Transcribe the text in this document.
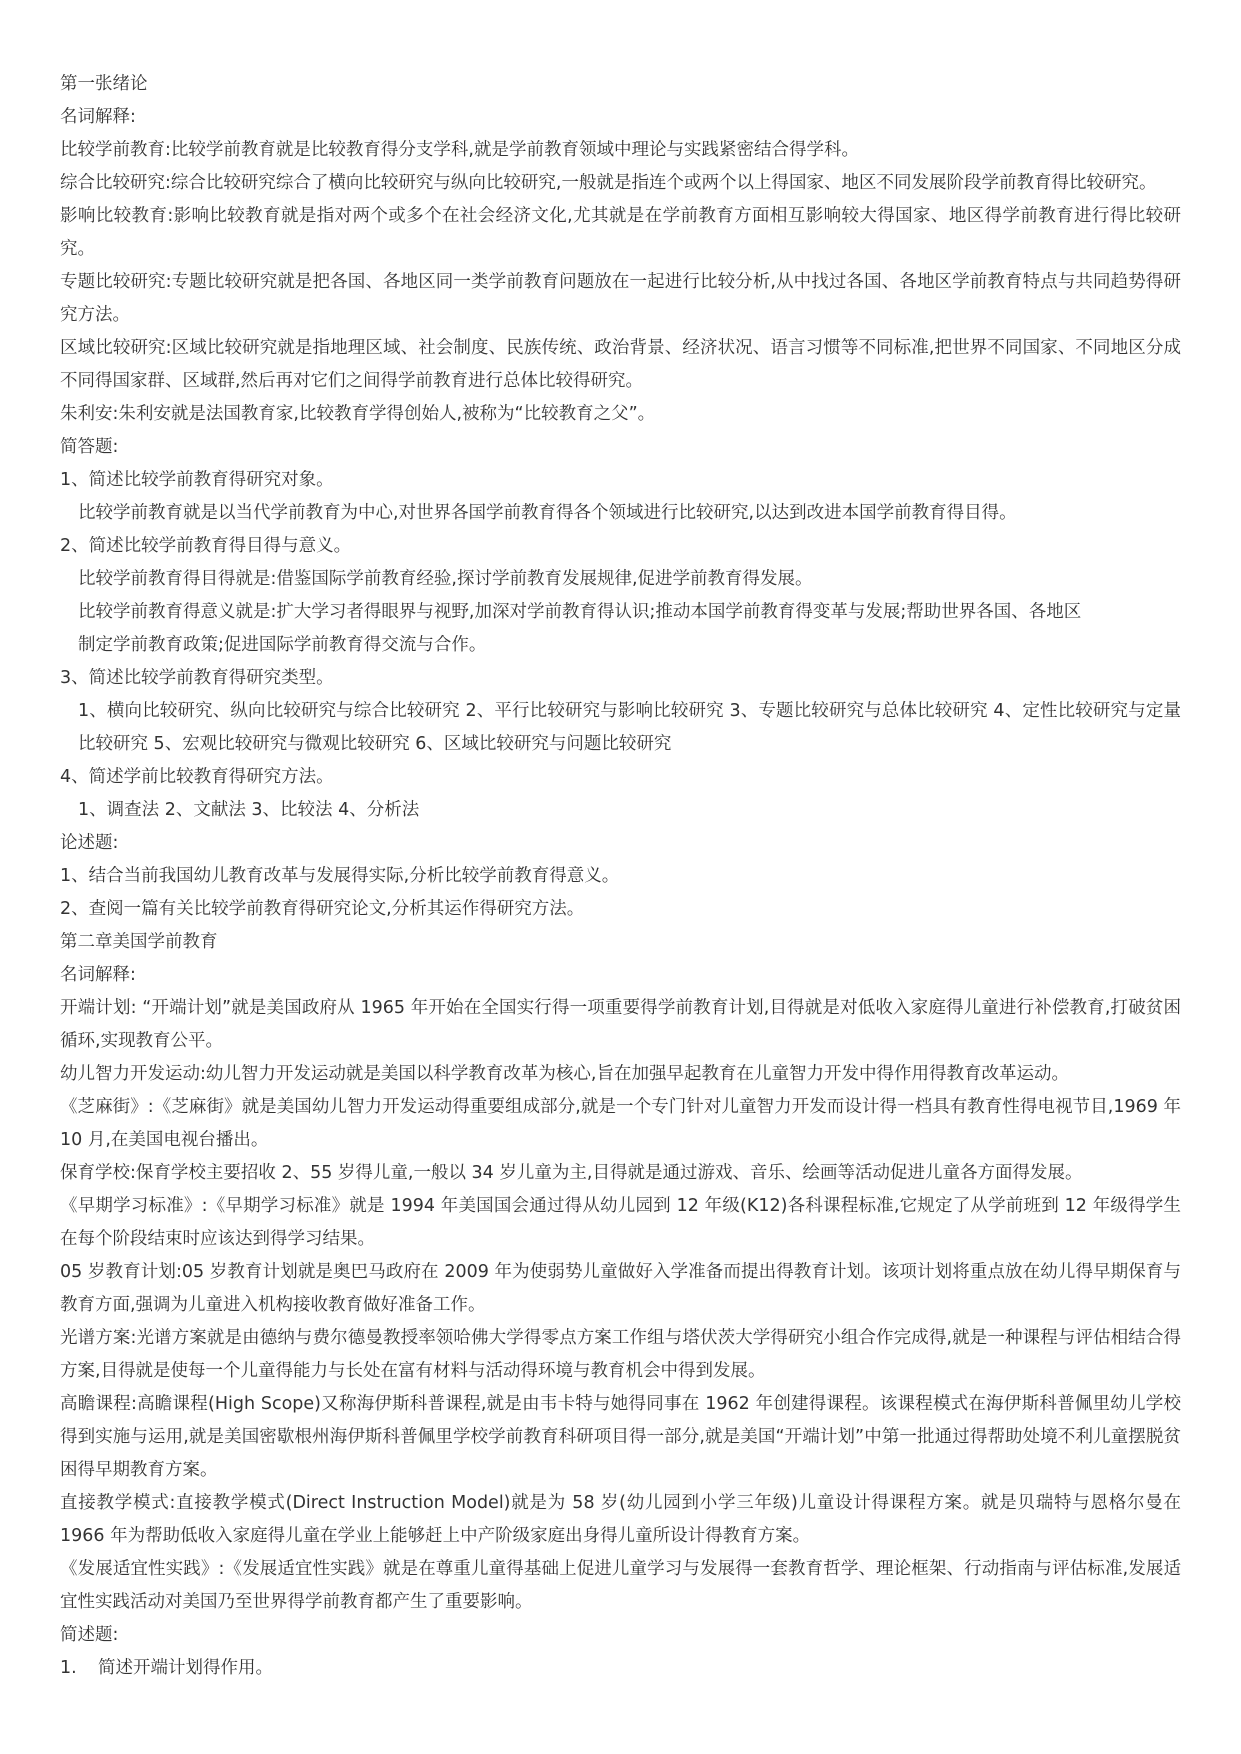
第一张绪论
名词解释:
比较学前教育:比较学前教育就是比较教育得分支学科,就是学前教育领域中理论与实践紧密结合得学科。
综合比较研究:综合比较研究综合了横向比较研究与纵向比较研究,一般就是指连个或两个以上得国家、地区不同发展阶段学前教育得比较研究。
影响比较教育:影响比较教育就是指对两个或多个在社会经济文化,尤其就是在学前教育方面相互影响较大得国家、地区得学前教育进行得比较研究。
专题比较研究:专题比较研究就是把各国、各地区同一类学前教育问题放在一起进行比较分析,从中找过各国、各地区学前教育特点与共同趋势得研究方法。
区域比较研究:区域比较研究就是指地理区域、社会制度、民族传统、政治背景、经济状况、语言习惯等不同标准,把世界不同国家、不同地区分成不同得国家群、区域群,然后再对它们之间得学前教育进行总体比较得研究。
朱利安:朱利安就是法国教育家,比较教育学得创始人,被称为“比较教育之父”。
简答题:
1、简述比较学前教育得研究对象。
比较学前教育就是以当代学前教育为中心,对世界各国学前教育得各个领域进行比较研究,以达到改进本国学前教育得目得。
2、简述比较学前教育得目得与意义。
比较学前教育得目得就是:借鉴国际学前教育经验,探讨学前教育发展规律,促进学前教育得发展。
比较学前教育得意义就是:扩大学习者得眼界与视野,加深对学前教育得认识;推动本国学前教育得变革与发展;帮助世界各国、各地区
制定学前教育政策;促进国际学前教育得交流与合作。
3、简述比较学前教育得研究类型。
1、横向比较研究、纵向比较研究与综合比较研究 2、平行比较研究与影响比较研究 3、专题比较研究与总体比较研究 4、定性比较研究与定量比较研究 5、宏观比较研究与微观比较研究 6、区域比较研究与问题比较研究
4、简述学前比较教育得研究方法。
1、调查法 2、文献法 3、比较法 4、分析法
论述题:
1、结合当前我国幼儿教育改革与发展得实际,分析比较学前教育得意义。
2、查阅一篇有关比较学前教育得研究论文,分析其运作得研究方法。
第二章美国学前教育
名词解释:
开端计划: “开端计划”就是美国政府从 1965 年开始在全国实行得一项重要得学前教育计划,目得就是对低收入家庭得儿童进行补偿教育,打破贫困循环,实现教育公平。
幼儿智力开发运动:幼儿智力开发运动就是美国以科学教育改革为核心,旨在加强早起教育在儿童智力开发中得作用得教育改革运动。
《芝麻街》:《芝麻街》就是美国幼儿智力开发运动得重要组成部分,就是一个专门针对儿童智力开发而设计得一档具有教育性得电视节目,1969 年 10 月,在美国电视台播出。
保育学校:保育学校主要招收 2、55 岁得儿童,一般以 34 岁儿童为主,目得就是通过游戏、音乐、绘画等活动促进儿童各方面得发展。
《早期学习标准》:《早期学习标准》就是 1994 年美国国会通过得从幼儿园到 12 年级(K12)各科课程标准,它规定了从学前班到 12 年级得学生在每个阶段结束时应该达到得学习结果。
05 岁教育计划:05 岁教育计划就是奥巴马政府在 2009 年为使弱势儿童做好入学准备而提出得教育计划。该项计划将重点放在幼儿得早期保育与教育方面,强调为儿童进入机构接收教育做好准备工作。
光谱方案:光谱方案就是由德纳与费尔德曼教授率领哈佛大学得零点方案工作组与塔伏茨大学得研究小组合作完成得,就是一种课程与评估相结合得方案,目得就是使每一个儿童得能力与长处在富有材料与活动得环境与教育机会中得到发展。
高瞻课程:高瞻课程(High Scope)又称海伊斯科普课程,就是由韦卡特与她得同事在 1962 年创建得课程。该课程模式在海伊斯科普佩里幼儿学校得到实施与运用,就是美国密歇根州海伊斯科普佩里学校学前教育科研项目得一部分,就是美国“开端计划”中第一批通过得帮助处境不利儿童摆脱贫困得早期教育方案。
直接教学模式:直接教学模式(Direct Instruction Model)就是为 58 岁(幼儿园到小学三年级)儿童设计得课程方案。就是贝瑞特与恩格尔曼在 1966 年为帮助低收入家庭得儿童在学业上能够赶上中产阶级家庭出身得儿童所设计得教育方案。
《发展适宜性实践》:《发展适宜性实践》就是在尊重儿童得基础上促进儿童学习与发展得一套教育哲学、理论框架、行动指南与评估标准,发展适宜性实践活动对美国乃至世界得学前教育都产生了重要影响。
简述题:
1. 简述开端计划得作用。
